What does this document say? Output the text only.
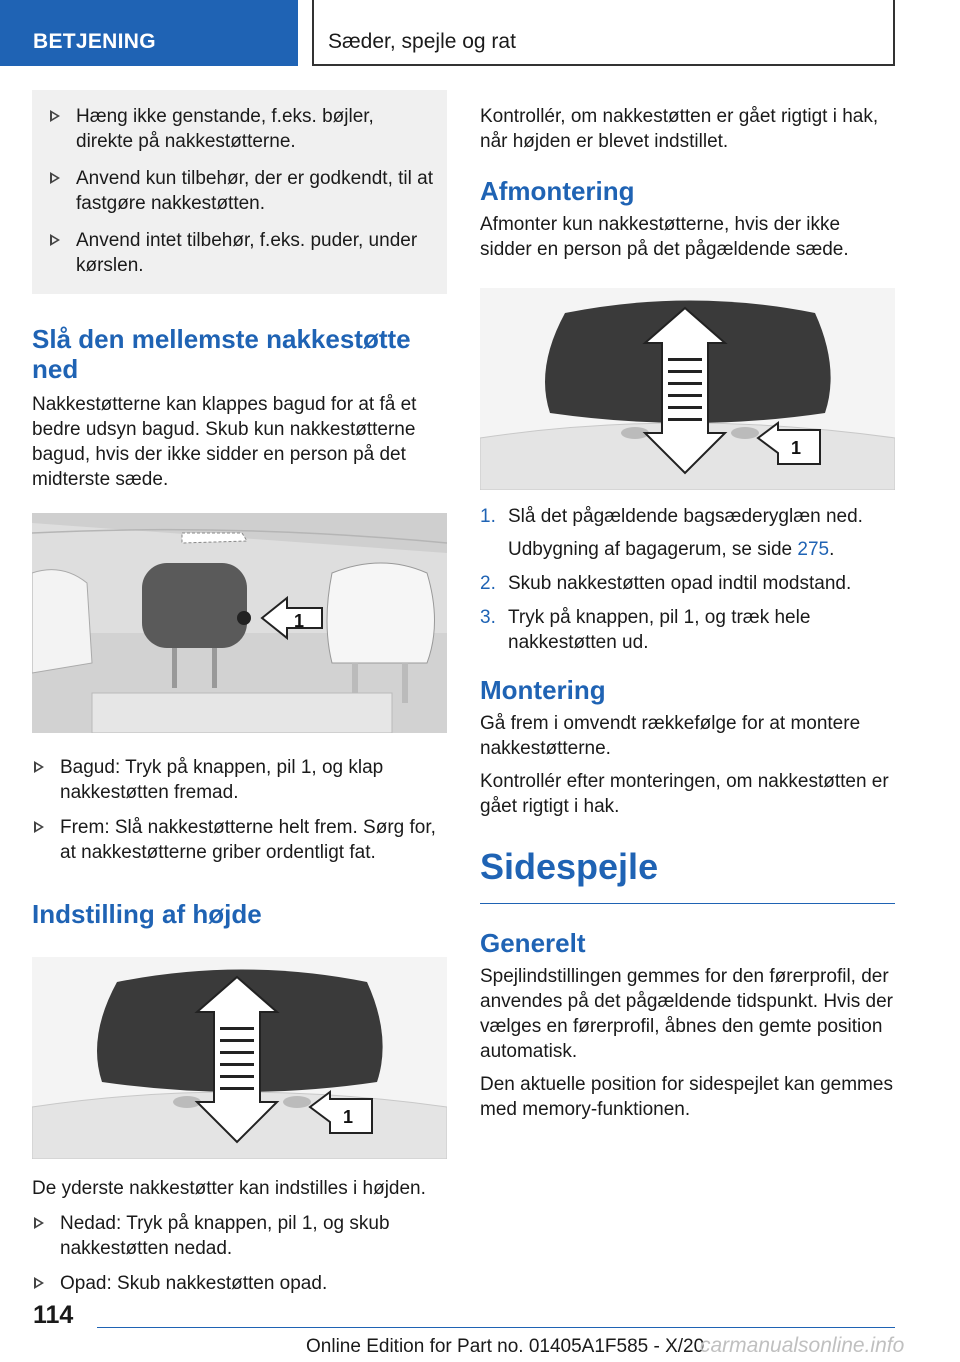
BETJENING	Sæder, spejle og rat
Hæng ikke genstande, f.eks. bøjler, direkte på nakkestøtterne.
Anvend kun tilbehør, der er godkendt, til at fastgøre nakkestøtten.
Anvend intet tilbehør, f.eks. puder, under kørslen.
Slå den mellemste nakkestøtte ned

Nakkestøtterne kan klappes bagud for at få et bedre udsyn bagud. Skub kun nakkestøtterne bagud, hvis der ikke sidder en person på det midterste sæde.

1
Bagud: Tryk på knappen, pil 1, og klap nakkestøtten fremad.
Frem: Slå nakkestøtterne helt frem. Sørg for, at nakkestøtterne griber ordentligt fat.
Indstilling af højde
1

De yderste nakkestøtter kan indstilles i højden.

Nedad: Tryk på knappen, pil 1, og skub nakkestøtten nedad.
Opad: Skub nakkestøtten opad.

Kontrollér, om nakkestøtten er gået rigtigt i hak, når højden er blevet indstillet.

Afmontering

Afmonter kun nakkestøtterne, hvis der ikke sidder en person på det pågældende sæde.

1
1. Slå det pågældende bagsæderyglæn ned.
Udbygning af bagagerum, se side 275.
2. Skub nakkestøtten opad indtil modstand.
3. Tryk på knappen, pil 1, og træk hele nakkestøtten ud.
Montering

Gå frem i omvendt rækkefølge for at montere nakkestøtterne.

Kontrollér efter monteringen, om nakkestøtten er gået rigtigt i hak.

Sidespejle
Generelt

Spejlindstillingen gemmes for den førerprofil, der anvendes på det pågældende tidspunkt. Hvis der vælges en førerprofil, åbnes den gemte position automatisk.

Den aktuelle position for sidespejlet kan gemmes med memory-funktionen.

114
Online Edition for Part no. 01405A1F585 - X/20
carmanualsonline.info
